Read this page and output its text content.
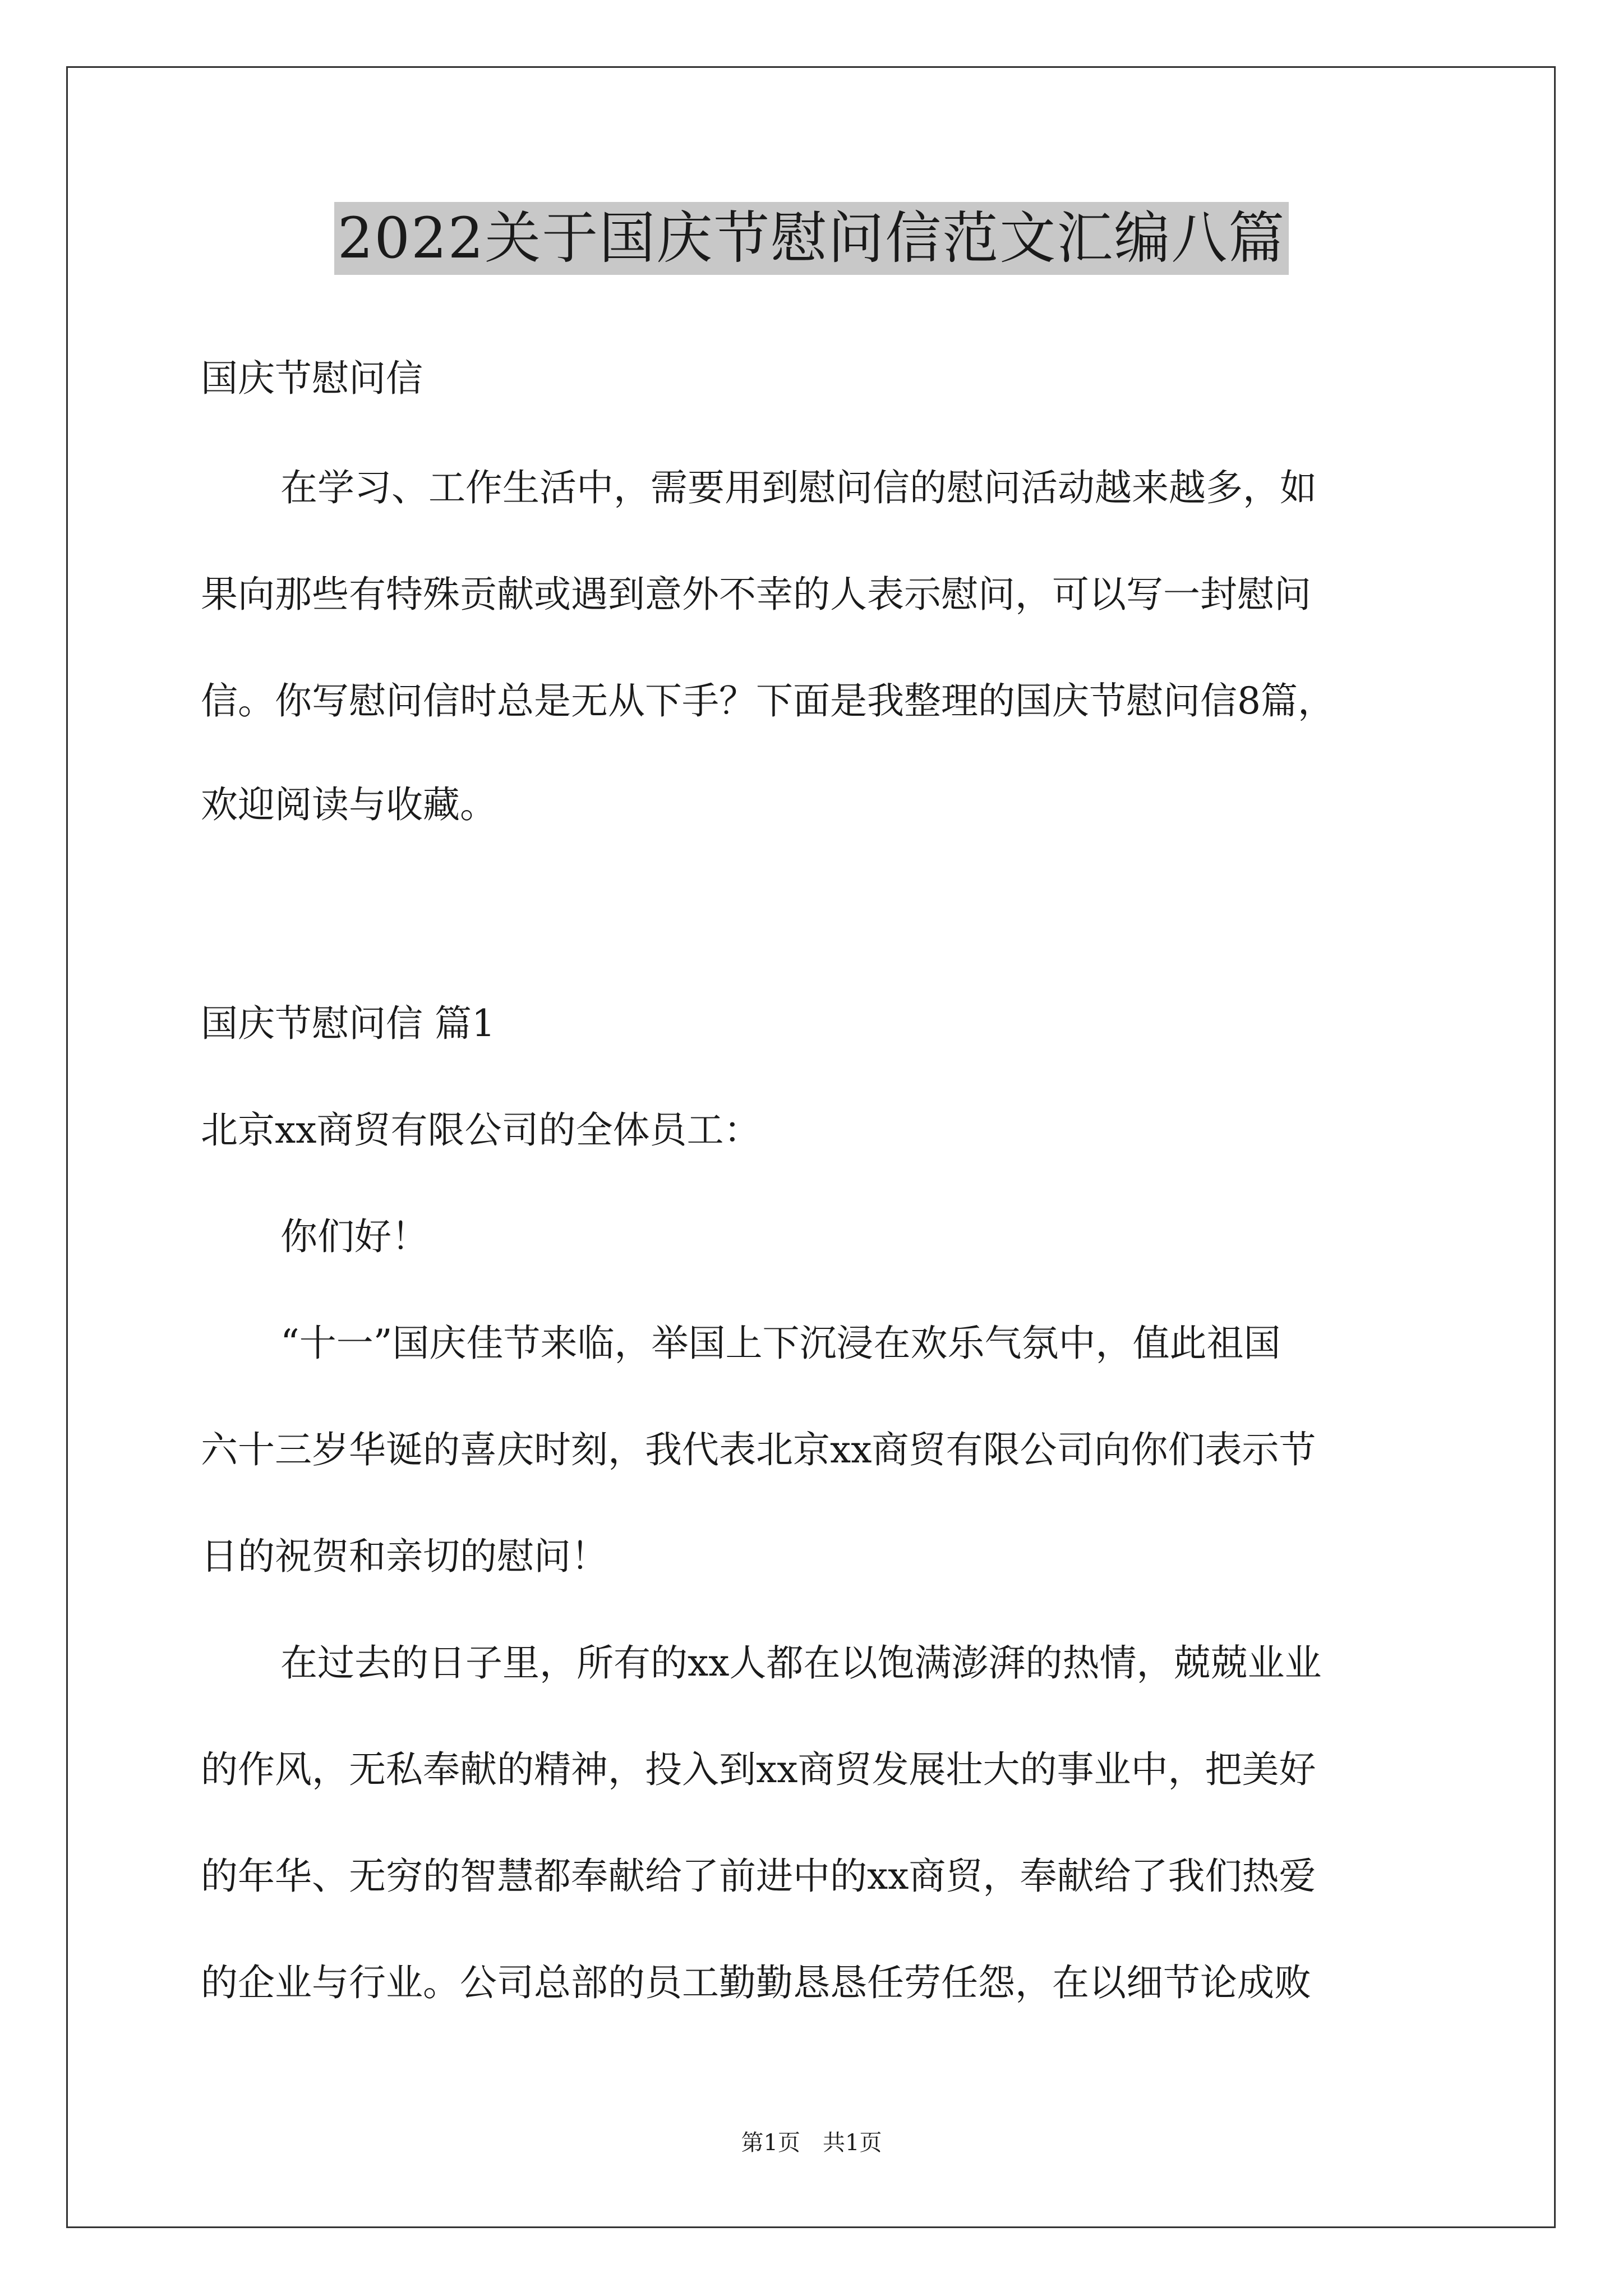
2022关于国庆节慰问信范文汇编八篇
国庆节慰问信
在学习、工作生活中，需要用到慰问信的慰问活动越来越多，如
果向那些有特殊贡献或遇到意外不幸的人表示慰问，可以写一封慰问
信。你写慰问信时总是无从下手？下面是我整理的国庆节慰问信8篇，
欢迎阅读与收藏。
国庆节慰问信 篇1
北京xx商贸有限公司的全体员工：
你们好！
“十一”国庆佳节来临，举国上下沉浸在欢乐气氛中，值此祖国
六十三岁华诞的喜庆时刻，我代表北京xx商贸有限公司向你们表示节
日的祝贺和亲切的慰问！
在过去的日子里，所有的xx人都在以饱满澎湃的热情，兢兢业业
的作风，无私奉献的精神，投入到xx商贸发展壮大的事业中，把美好
的年华、无穷的智慧都奉献给了前进中的xx商贸，奉献给了我们热爱
的企业与行业。公司总部的员工勤勤恳恳任劳任怨，在以细节论成败
第1页 共1页
